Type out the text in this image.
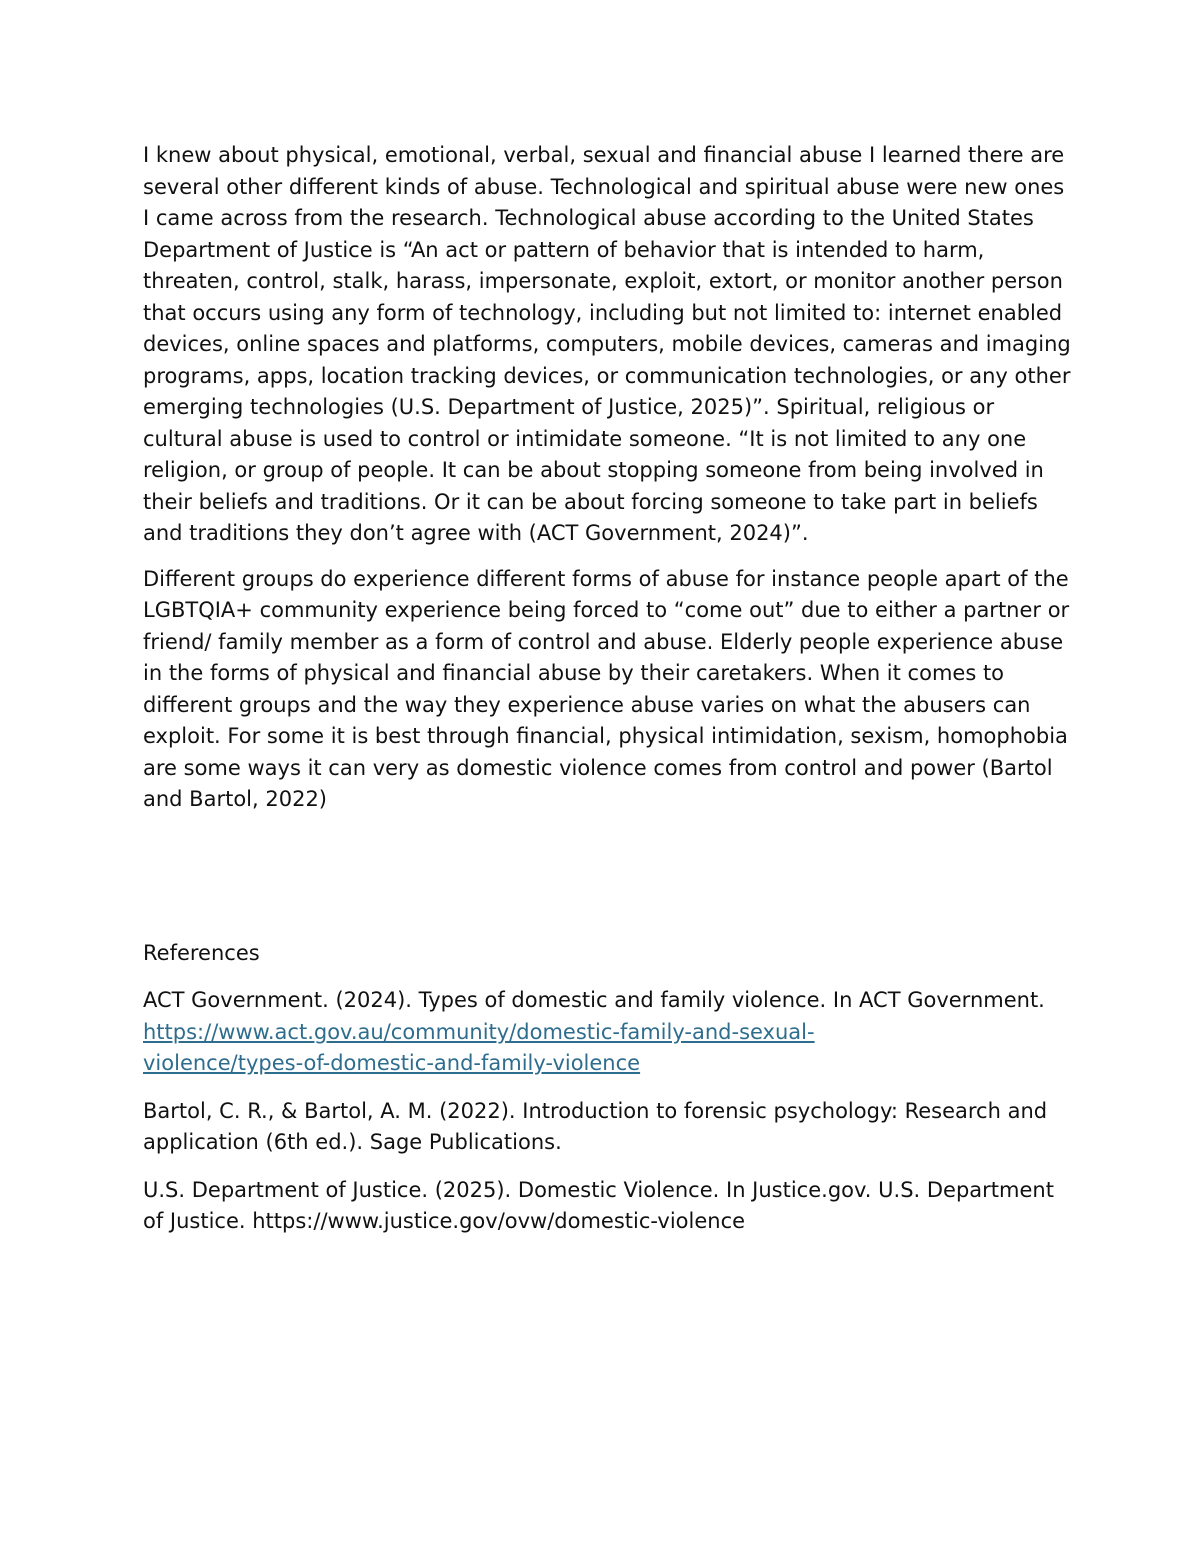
I knew about physical, emotional, verbal, sexual and financial abuse I learned there are several other different kinds of abuse. Technological and spiritual abuse were new ones I came across from the research. Technological abuse according to the United States Department of Justice is “An act or pattern of behavior that is intended to harm, threaten, control, stalk, harass, impersonate, exploit, extort, or monitor another person that occurs using any form of technology, including but not limited to: internet enabled devices, online spaces and platforms, computers, mobile devices, cameras and imaging programs, apps, location tracking devices, or communication technologies, or any other emerging technologies (U.S. Department of Justice, 2025)”. Spiritual, religious or cultural abuse is used to control or intimidate someone. “It is not limited to any one religion, or group of people. It can be about stopping someone from being involved in their beliefs and traditions. Or it can be about forcing someone to take part in beliefs and traditions they don’t agree with (ACT Government, 2024)”.

Different groups do experience different forms of abuse for instance people apart of the LGBTQIA+ community experience being forced to “come out” due to either a partner or friend/ family member as a form of control and abuse. Elderly people experience abuse in the forms of physical and financial abuse by their caretakers. When it comes to different groups and the way they experience abuse varies on what the abusers can exploit. For some it is best through financial, physical intimidation, sexism, homophobia are some ways it can very as domestic violence comes from control and power (Bartol and Bartol, 2022)

References

ACT Government. (2024). Types of domestic and family violence. In ACT Government. https://www.act.gov.au/community/domestic-family-and-sexual-
violence/types-of-domestic-and-family-violence

Bartol, C. R., & Bartol, A. M. (2022). Introduction to forensic psychology: Research and application (6th ed.). Sage Publications.

U.S. Department of Justice. (2025). Domestic Violence. In Justice.gov. U.S. Department of Justice. https://www.justice.gov/ovw/domestic-violence
